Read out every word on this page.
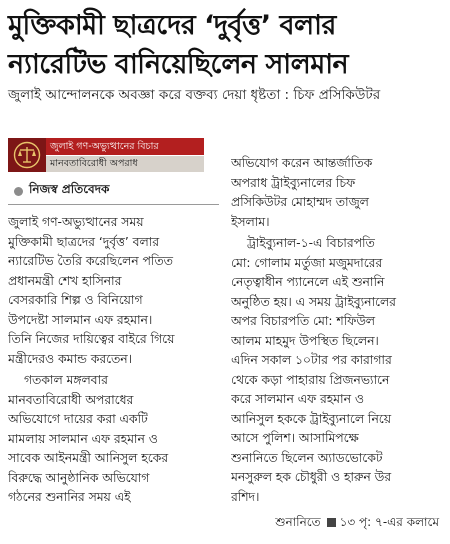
মুক্তিকামী ছাত্রদের ‘দুর্বৃত্ত’ বলার
ন্যারেটিভ বানিয়েছিলেন সালমান
জুলাই আন্দোলনকে অবজ্ঞা করে বক্তব্য দেয়া ধৃষ্টতা : চিফ প্রসিকিউটর
জুলাই গণ-অভ্যুত্থানের বিচার
মানবতাবিরোধী অপরাধ
নিজস্ব প্রতিবেদক

জুলাই গণ-অভ্যুত্থানের সময়
মুক্তিকামী ছাত্রদের ‘দুর্বৃত্ত’ বলার
ন্যারেটিভ তৈরি করেছিলেন পতিত
প্রধানমন্ত্রী শেখ হাসিনার
বেসরকারি শিল্প ও বিনিয়োগ
উপদেষ্টা সালমান এফ রহমান।
তিনি নিজের দায়িত্বের বাইরে গিয়ে
মন্ত্রীদেরও কমান্ড করতেন।

গতকাল মঙ্গলবার
মানবতাবিরোধী অপরাধের
অভিযোগে দায়ের করা একটি
মামলায় সালমান এফ রহমান ও
সাবেক আইনমন্ত্রী আনিসুল হকের
বিরুদ্ধে আনুষ্ঠানিক অভিযোগ
গঠনের শুনানির সময় এই

অভিযোগ করেন আন্তর্জাতিক
অপরাধ ট্রাইব্যুনালের চিফ
প্রসিকিউটর মোহাম্মদ তাজুল
ইসলাম।

ট্রাইব্যুনাল-১-এ বিচারপতি
মো: গোলাম মর্তুজা মজুমদারের
নেতৃত্বাধীন প্যানেলে এই শুনানি
অনুষ্ঠিত হয়। এ সময় ট্রাইব্যুনালের
অপর বিচারপতি মো: শফিউল
আলম মাহমুদ উপস্থিত ছিলেন।
এদিন সকাল ১০টার পর কারাগার
থেকে কড়া পাহারায় প্রিজনভ্যানে
করে সালমান এফ রহমান ও
আনিসুল হককে ট্রাইব্যুনালে নিয়ে
আসে পুলিশ। আসামিপক্ষে
শুনানিতে ছিলেন অ্যাডভোকেট
মনসুরুল হক চৌধুরী ও হারুন উর
রশিদ।

শুনানিতে ১৩ পৃ: ৭-এর কলামে
